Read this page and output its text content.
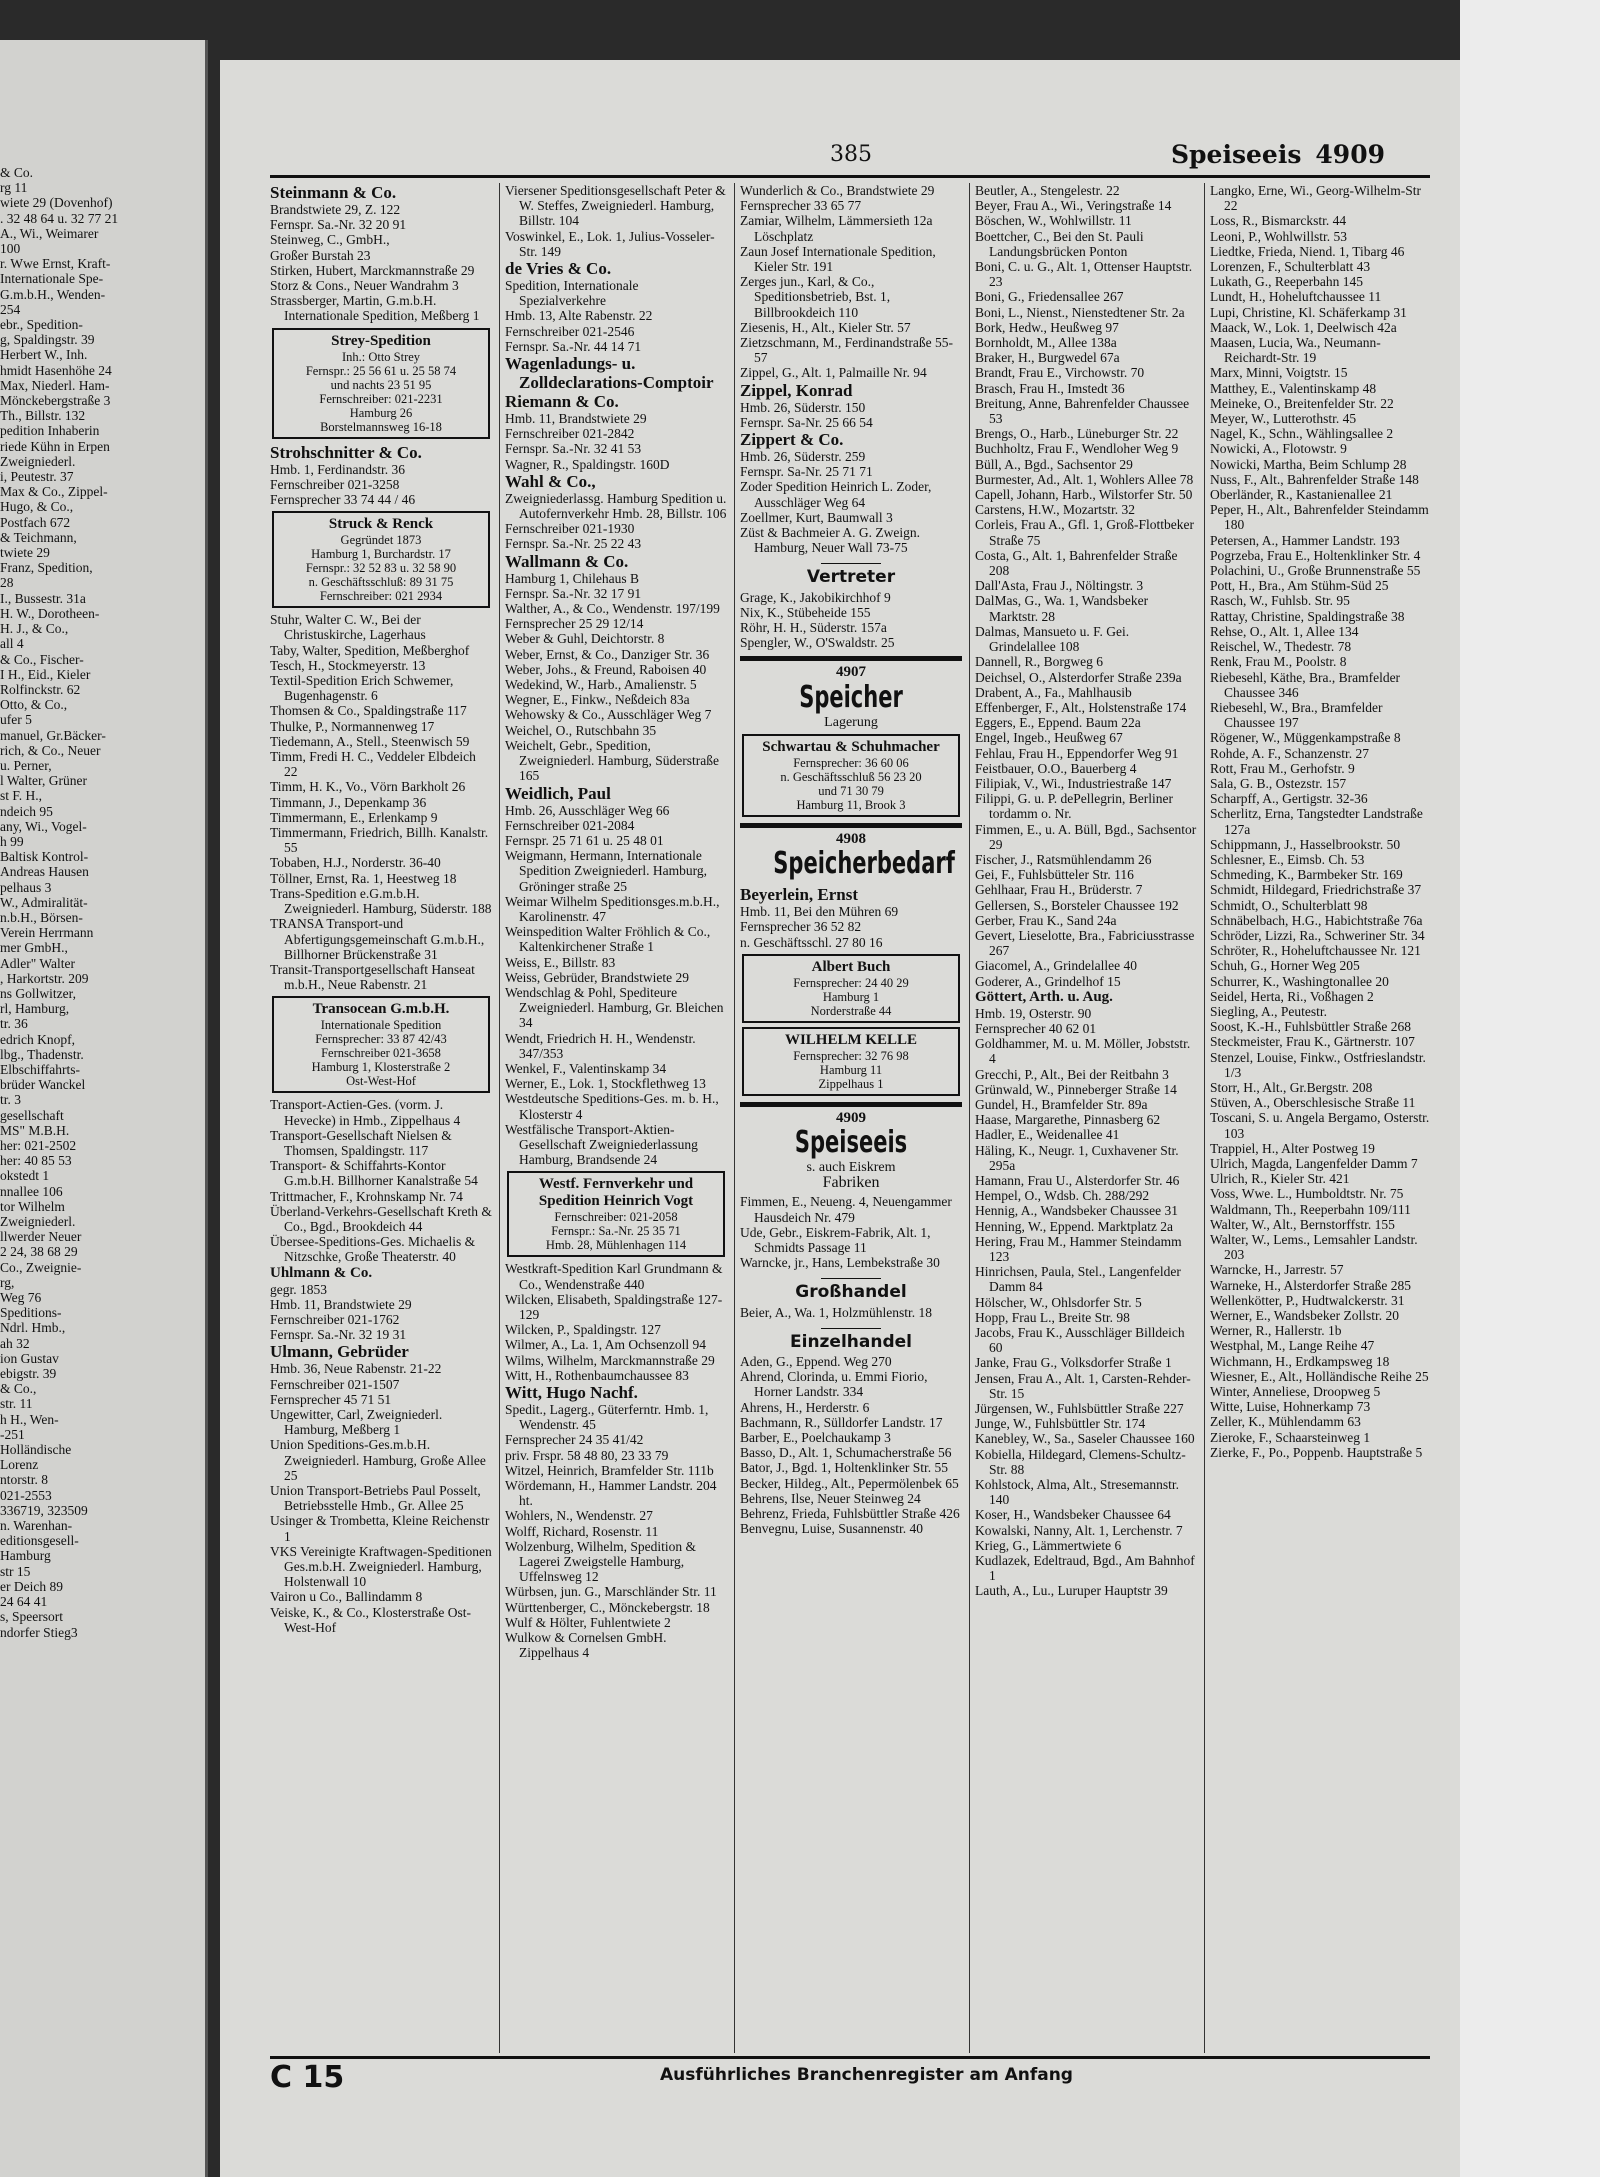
& Co.

rg 11

wiete 29 (Dovenhof)

. 32 48 64 u. 32 77 21

A., Wi., Weimarer

100

r. Wwe Ernst, Kraft-

Internationale Spe-

G.m.b.H., Wenden-

254

ebr., Spedition-

g, Spaldingstr. 39

Herbert W., Inh.

hmidt Hasenhöhe 24

Max, Niederl. Ham-

Mönckebergstraße 3

Th., Billstr. 132

pedition Inhaberin

riede Kühn in Erpen

Zweigniederl.

i, Peutestr. 37

Max & Co., Zippel-

Hugo, & Co.,

Postfach 672

& Teichmann,

twiete 29

Franz, Spedition,

28

I., Bussestr. 31a

H. W., Dorotheen-

H. J., & Co.,

all 4

& Co., Fischer-

I H., Eid., Kieler

Rolfinckstr. 62

Otto, & Co.,

ufer 5

manuel, Gr.Bäcker-

rich, & Co., Neuer

u. Perner,

l Walter, Grüner

st F. H.,

ndeich 95

any, Wi., Vogel-

h 99

Baltisk Kontrol-

Andreas Hausen

pelhaus 3

W., Admiralität-

n.b.H., Börsen-

Verein Herrmann

mer GmbH.,

Adler" Walter

, Harkortstr. 209

ns Gollwitzer,

rl, Hamburg,

tr. 36

edrich Knopf,

lbg., Thadenstr.

Elbschiffahrts-

brüder Wanckel

tr. 3

gesellschaft

MS" M.B.H.

her: 021-2502

her: 40 85 53

okstedt 1

nnallee 106

tor Wilhelm

Zweigniederl.

llwerder Neuer

2 24, 38 68 29

Co., Zweignie-

rg,

Weg 76

Speditions-

Ndrl. Hmb.,

ah 32

ion Gustav

ebigstr. 39

& Co.,

str. 11

h H., Wen-

-251

Holländische

Lorenz

ntorstr. 8

021-2553

336719, 323509

n. Warenhan-

editionsgesell-

Hamburg

str 15

er Deich 89

24 64 41

s, Speersort

ndorfer Stieg3

385	Speiseeis 4909

Steinmann & Co.

Brandstwiete 29, Z. 122

Fernspr. Sa.-Nr. 32 20 91

Steinweg, C., GmbH.,

Großer Burstah 23

Stirken, Hubert, Marckmannstraße 29

Storz & Cons., Neuer Wandrahm 3

Strassberger, Martin, G.m.b.H. Internationale Spedition, Meßberg 1

Strey-Spedition
Inh.: Otto Strey
Fernspr.: 25 56 61 u. 25 58 74
und nachts 23 51 95
Fernschreiber: 021-2231
Hamburg 26
Borstelmannsweg 16-18

Strohschnitter & Co.

Hmb. 1, Ferdinandstr. 36

Fernschreiber 021-3258

Fernsprecher 33 74 44 / 46

Struck & Renck
Gegründet 1873
Hamburg 1, Burchardstr. 17
Fernspr.: 32 52 83 u. 32 58 90
n. Geschäftsschluß: 89 31 75
Fernschreiber: 021 2934

Stuhr, Walter C. W., Bei der Christuskirche, Lagerhaus

Taby, Walter, Spedition, Meßberghof

Tesch, H., Stockmeyerstr. 13

Textil-Spedition Erich Schwemer, Bugenhagenstr. 6

Thomsen & Co., Spaldingstraße 117

Thulke, P., Normannenweg 17

Tiedemann, A., Stell., Steenwisch 59

Timm, Fredi H. C., Veddeler Elbdeich 22

Timm, H. K., Vo., Vörn Barkholt 26

Timmann, J., Depenkamp 36

Timmermann, E., Erlenkamp 9

Timmermann, Friedrich, Billh. Kanalstr. 55

Tobaben, H.J., Norderstr. 36-40

Töllner, Ernst, Ra. 1, Heestweg 18

Trans-Spedition e.G.m.b.H. Zweigniederl. Hamburg, Süderstr. 188

TRANSA Transport-und Abfertigungsgemeinschaft G.m.b.H., Billhorner Brückenstraße 31

Transit-Transportgesellschaft Hanseat m.b.H., Neue Rabenstr. 21

Transocean G.m.b.H.
Internationale Spedition
Fernsprecher: 33 87 42/43
Fernschreiber 021-3658
Hamburg 1, Klosterstraße 2
Ost-West-Hof

Transport-Actien-Ges. (vorm. J. Hevecke) in Hmb., Zippelhaus 4

Transport-Gesellschaft Nielsen & Thomsen, Spaldingstr. 117

Transport- & Schiffahrts-Kontor G.m.b.H. Billhorner Kanalstraße 54

Trittmacher, F., Krohnskamp Nr. 74

Überland-Verkehrs-Gesellschaft Kreth & Co., Bgd., Brookdeich 44

Übersee-Speditions-Ges. Michaelis & Nitzschke, Große Theaterstr. 40

Uhlmann & Co.

gegr. 1853

Hmb. 11, Brandstwiete 29

Fernschreiber 021-1762

Fernspr. Sa.-Nr. 32 19 31

Ulmann, Gebrüder

Hmb. 36, Neue Rabenstr. 21-22

Fernschreiber 021-1507

Fernsprecher 45 71 51

Ungewitter, Carl, Zweigniederl. Hamburg, Meßberg 1

Union Speditions-Ges.m.b.H. Zweigniederl. Hamburg, Große Allee 25

Union Transport-Betriebs Paul Posselt, Betriebsstelle Hmb., Gr. Allee 25

Usinger & Trombetta, Kleine Reichenstr 1

VKS Vereinigte Kraftwagen-Speditionen Ges.m.b.H. Zweigniederl. Hamburg, Holstenwall 10

Vairon u Co., Ballindamm 8

Veiske, K., & Co., Klosterstraße Ost-West-Hof

Viersener Speditionsgesellschaft Peter & W. Steffes, Zweigniederl. Hamburg, Billstr. 104

Voswinkel, E., Lok. 1, Julius-Vosseler-Str. 149

de Vries & Co.

Spedition, Internationale Spezialverkehre

Hmb. 13, Alte Rabenstr. 22

Fernschreiber 021-2546

Fernspr. Sa.-Nr. 44 14 71

Wagenladungs- u. Zolldeclarations-Comptoir

Riemann & Co.

Hmb. 11, Brandstwiete 29

Fernschreiber 021-2842

Fernspr. Sa.-Nr. 32 41 53

Wagner, R., Spaldingstr. 160D

Wahl & Co.,

Zweigniederlassg. Hamburg Spedition u. Autofernverkehr Hmb. 28, Billstr. 106

Fernschreiber 021-1930

Fernspr. Sa.-Nr. 25 22 43

Wallmann & Co.

Hamburg 1, Chilehaus B

Fernspr. Sa.-Nr. 32 17 91

Walther, A., & Co., Wendenstr. 197/199

Fernsprecher 25 29 12/14

Weber & Guhl, Deichtorstr. 8

Weber, Ernst, & Co., Danziger Str. 36

Weber, Johs., & Freund, Raboisen 40

Wedekind, W., Harb., Amalienstr. 5

Wegner, E., Finkw., Neßdeich 83a

Wehowsky & Co., Ausschläger Weg 7

Weichel, O., Rutschbahn 35

Weichelt, Gebr., Spedition, Zweigniederl. Hamburg, Süderstraße 165

Weidlich, Paul

Hmb. 26, Ausschläger Weg 66

Fernschreiber 021-2084

Fernspr. 25 71 61 u. 25 48 01

Weigmann, Hermann, Internationale Spedition Zweigniederl. Hamburg, Gröninger straße 25

Weimar Wilhelm Speditionsges.m.b.H., Karolinenstr. 47

Weinspedition Walter Fröhlich & Co., Kaltenkirchener Straße 1

Weiss, E., Billstr. 83

Weiss, Gebrüder, Brandstwiete 29

Wendschlag & Pohl, Spediteure Zweigniederl. Hamburg, Gr. Bleichen 34

Wendt, Friedrich H. H., Wendenstr. 347/353

Wenkel, F., Valentinskamp 34

Werner, E., Lok. 1, Stockflethweg 13

Westdeutsche Speditions-Ges. m. b. H., Klosterstr 4

Westfälische Transport-Aktien-Gesellschaft Zweigniederlassung Hamburg, Brandsende 24

Westf. Fernverkehr und Spedition Heinrich Vogt
Fernschreiber: 021-2058
Fernspr.: Sa.-Nr. 25 35 71
Hmb. 28, Mühlenhagen 114

Westkraft-Spedition Karl Grundmann & Co., Wendenstraße 440

Wilcken, Elisabeth, Spaldingstraße 127-129

Wilcken, P., Spaldingstr. 127

Wilmer, A., La. 1, Am Ochsenzoll 94

Wilms, Wilhelm, Marckmannstraße 29

Witt, H., Rothenbaumchaussee 83

Witt, Hugo Nachf.

Spedit., Lagerg., Güterferntr. Hmb. 1, Wendenstr. 45

Fernsprecher 24 35 41/42

priv. Frspr. 58 48 80, 23 33 79

Witzel, Heinrich, Bramfelder Str. 111b

Wördemann, H., Hammer Landstr. 204 ht.

Wohlers, N., Wendenstr. 27

Wolff, Richard, Rosenstr. 11

Wolzenburg, Wilhelm, Spedition & Lagerei Zweigstelle Hamburg, Uffelnsweg 12

Würbsen, jun. G., Marschländer Str. 11

Württenberger, C., Mönckebergstr. 18

Wulf & Hölter, Fuhlentwiete 2

Wulkow & Cornelsen GmbH. Zippelhaus 4

Wunderlich & Co., Brandstwiete 29

Fernsprecher 33 65 77

Zamiar, Wilhelm, Lämmersieth 12a Löschplatz

Zaun Josef Internationale Spedition, Kieler Str. 191

Zerges jun., Karl, & Co., Speditionsbetrieb, Bst. 1, Billbrookdeich 110

Ziesenis, H., Alt., Kieler Str. 57

Zietzschmann, M., Ferdinandstraße 55-57

Zippel, G., Alt. 1, Palmaille Nr. 94

Zippel, Konrad

Hmb. 26, Süderstr. 150

Fernspr. Sa-Nr. 25 66 54

Zippert & Co.

Hmb. 26, Süderstr. 259

Fernspr. Sa-Nr. 25 71 71

Zoder Spedition Heinrich L. Zoder, Ausschläger Weg 64

Zoellmer, Kurt, Baumwall 3

Züst & Bachmeier A. G. Zweign. Hamburg, Neuer Wall 73-75

Vertreter

Grage, K., Jakobikirchhof 9

Nix, K., Stübeheide 155

Röhr, H. H., Süderstr. 157a

Spengler, W., O'Swaldstr. 25

4907
Speicher
Lagerung
Schwartau & Schuhmacher
Fernsprecher: 36 60 06
n. Geschäftsschluß 56 23 20
und 71 30 79
Hamburg 11, Brook 3
4908
Speicherbedarf

Beyerlein, Ernst

Hmb. 11, Bei den Mühren 69

Fernsprecher 36 52 82

n. Geschäftsschl. 27 80 16

Albert Buch
Fernsprecher: 24 40 29
Hamburg 1
Norderstraße 44
WILHELM KELLE
Fernsprecher: 32 76 98
Hamburg 11
Zippelhaus 1
4909
Speiseeis
s. auch Eiskrem
Fabriken

Fimmen, E., Neueng. 4, Neuengammer Hausdeich Nr. 479

Ude, Gebr., Eiskrem-Fabrik, Alt. 1, Schmidts Passage 11

Warncke, jr., Hans, Lembekstraße 30

Großhandel

Beier, A., Wa. 1, Holzmühlenstr. 18

Einzelhandel

Aden, G., Eppend. Weg 270

Ahrend, Clorinda, u. Emmi Fiorio, Horner Landstr. 334

Ahrens, H., Herderstr. 6

Bachmann, R., Sülldorfer Landstr. 17

Barber, E., Poelchaukamp 3

Basso, D., Alt. 1, Schumacherstraße 56

Bator, J., Bgd. 1, Holtenklinker Str. 55

Becker, Hildeg., Alt., Pepermölenbek 65

Behrens, Ilse, Neuer Steinweg 24

Behrenz, Frieda, Fuhlsbüttler Straße 426

Benvegnu, Luise, Susannenstr. 40

Beutler, A., Stengelestr. 22

Beyer, Frau A., Wi., Veringstraße 14

Böschen, W., Wohlwillstr. 11

Boettcher, C., Bei den St. Pauli Landungsbrücken Ponton

Boni, C. u. G., Alt. 1, Ottenser Hauptstr. 23

Boni, G., Friedensallee 267

Boni, L., Nienst., Nienstedtener Str. 2a

Bork, Hedw., Heußweg 97

Bornholdt, M., Allee 138a

Braker, H., Burgwedel 67a

Brandt, Frau E., Virchowstr. 70

Brasch, Frau H., Imstedt 36

Breitung, Anne, Bahrenfelder Chaussee 53

Brengs, O., Harb., Lüneburger Str. 22

Buchholtz, Frau F., Wendloher Weg 9

Büll, A., Bgd., Sachsentor 29

Burmester, Ad., Alt. 1, Wohlers Allee 78

Capell, Johann, Harb., Wilstorfer Str. 50

Carstens, H.W., Mozartstr. 32

Corleis, Frau A., Gfl. 1, Groß-Flottbeker Straße 75

Costa, G., Alt. 1, Bahrenfelder Straße 208

Dall'Asta, Frau J., Nöltingstr. 3

DalMas, G., Wa. 1, Wandsbeker Marktstr. 28

Dalmas, Mansueto u. F. Gei. Grindelallee 108

Dannell, R., Borgweg 6

Deichsel, O., Alsterdorfer Straße 239a

Drabent, A., Fa., Mahlhausib

Effenberger, F., Alt., Holstenstraße 174

Eggers, E., Eppend. Baum 22a

Engel, Ingeb., Heußweg 67

Fehlau, Frau H., Eppendorfer Weg 91

Feistbauer, O.O., Bauerberg 4

Filipiak, V., Wi., Industriestraße 147

Filippi, G. u. P. dePellegrin, Berliner tordamm o. Nr.

Fimmen, E., u. A. Büll, Bgd., Sachsentor 29

Fischer, J., Ratsmühlendamm 26

Gei, F., Fuhlsbütteler Str. 116

Gehlhaar, Frau H., Brüderstr. 7

Gellersen, S., Borsteler Chaussee 192

Gerber, Frau K., Sand 24a

Gevert, Lieselotte, Bra., Fabriciusstrasse 267

Giacomel, A., Grindelallee 40

Goderer, A., Grindelhof 15

Göttert, Arth. u. Aug.

Hmb. 19, Osterstr. 90

Fernsprecher 40 62 01

Goldhammer, M. u. M. Möller, Jobststr. 4

Grecchi, P., Alt., Bei der Reitbahn 3

Grünwald, W., Pinneberger Straße 14

Gundel, H., Bramfelder Str. 89a

Haase, Margarethe, Pinnasberg 62

Hadler, E., Weidenallee 41

Häling, K., Neugr. 1, Cuxhavener Str. 295a

Hamann, Frau U., Alsterdorfer Str. 46

Hempel, O., Wdsb. Ch. 288/292

Hennig, A., Wandsbeker Chaussee 31

Henning, W., Eppend. Marktplatz 2a

Hering, Frau M., Hammer Steindamm 123

Hinrichsen, Paula, Stel., Langenfelder Damm 84

Hölscher, W., Ohlsdorfer Str. 5

Hopp, Frau L., Breite Str. 98

Jacobs, Frau K., Ausschläger Billdeich 60

Janke, Frau G., Volksdorfer Straße 1

Jensen, Frau A., Alt. 1, Carsten-Rehder-Str. 15

Jürgensen, W., Fuhlsbüttler Straße 227

Junge, W., Fuhlsbüttler Str. 174

Kanebley, W., Sa., Saseler Chaussee 160

Kobiella, Hildegard, Clemens-Schultz-Str. 88

Kohlstock, Alma, Alt., Stresemannstr. 140

Koser, H., Wandsbeker Chaussee 64

Kowalski, Nanny, Alt. 1, Lerchenstr. 7

Krieg, G., Lämmertwiete 6

Kudlazek, Edeltraud, Bgd., Am Bahnhof 1

Lauth, A., Lu., Luruper Hauptstr 39

Langko, Erne, Wi., Georg-Wilhelm-Str 22

Loss, R., Bismarckstr. 44

Leoni, P., Wohlwillstr. 53

Liedtke, Frieda, Niend. 1, Tibarg 46

Lorenzen, F., Schulterblatt 43

Lukath, G., Reeperbahn 145

Lundt, H., Hoheluftchaussee 11

Lupi, Christine, Kl. Schäferkamp 31

Maack, W., Lok. 1, Deelwisch 42a

Maasen, Lucia, Wa., Neumann-Reichardt-Str. 19

Marx, Minni, Voigtstr. 15

Matthey, E., Valentinskamp 48

Meineke, O., Breitenfelder Str. 22

Meyer, W., Lutterothstr. 45

Nagel, K., Schn., Wählingsallee 2

Nowicki, A., Flotowstr. 9

Nowicki, Martha, Beim Schlump 28

Nuss, F., Alt., Bahrenfelder Straße 148

Oberländer, R., Kastanienallee 21

Peper, H., Alt., Bahrenfelder Steindamm 180

Petersen, A., Hammer Landstr. 193

Pogrzeba, Frau E., Holtenklinker Str. 4

Polachini, U., Große Brunnenstraße 55

Pott, H., Bra., Am Stühm-Süd 25

Rasch, W., Fuhlsb. Str. 95

Rattay, Christine, Spaldingstraße 38

Rehse, O., Alt. 1, Allee 134

Reischel, W., Thedestr. 78

Renk, Frau M., Poolstr. 8

Riebesehl, Käthe, Bra., Bramfelder Chaussee 346

Riebesehl, W., Bra., Bramfelder Chaussee 197

Rögener, W., Müggenkampstraße 8

Rohde, A. F., Schanzenstr. 27

Rott, Frau M., Gerhofstr. 9

Sala, G. B., Ostezstr. 157

Scharpff, A., Gertigstr. 32-36

Scherlitz, Erna, Tangstedter Landstraße 127a

Schippmann, J., Hasselbrookstr. 50

Schlesner, E., Eimsb. Ch. 53

Schmeding, K., Barmbeker Str. 169

Schmidt, Hildegard, Friedrichstraße 37

Schmidt, O., Schulterblatt 98

Schnäbelbach, H.G., Habichtstraße 76a

Schröder, Lizzi, Ra., Schweriner Str. 34

Schröter, R., Hoheluftchaussee Nr. 121

Schuh, G., Horner Weg 205

Schurrer, K., Washingtonallee 20

Seidel, Herta, Ri., Voßhagen 2

Siegling, A., Peutestr.

Soost, K.-H., Fuhlsbüttler Straße 268

Steckmeister, Frau K., Gärtnerstr. 107

Stenzel, Louise, Finkw., Ostfrieslandstr. 1/3

Storr, H., Alt., Gr.Bergstr. 208

Stüven, A., Oberschlesische Straße 11

Toscani, S. u. Angela Bergamo, Osterstr. 103

Trappiel, H., Alter Postweg 19

Ulrich, Magda, Langenfelder Damm 7

Ulrich, R., Kieler Str. 421

Voss, Wwe. L., Humboldtstr. Nr. 75

Waldmann, Th., Reeperbahn 109/111

Walter, W., Alt., Bernstorffstr. 155

Walter, W., Lems., Lemsahler Landstr. 203

Warncke, H., Jarrestr. 57

Warneke, H., Alsterdorfer Straße 285

Wellenkötter, P., Hudtwalckerstr. 31

Werner, E., Wandsbeker Zollstr. 20

Werner, R., Hallerstr. 1b

Westphal, M., Lange Reihe 47

Wichmann, H., Erdkampsweg 18

Wiesner, E., Alt., Holländische Reihe 25

Winter, Anneliese, Droopweg 5

Witte, Luise, Hohnerkamp 73

Zeller, K., Mühlendamm 63

Zieroke, F., Schaarsteinweg 1

Zierke, F., Po., Poppenb. Hauptstraße 5

C 15	Ausführliches Branchenregister am Anfang
